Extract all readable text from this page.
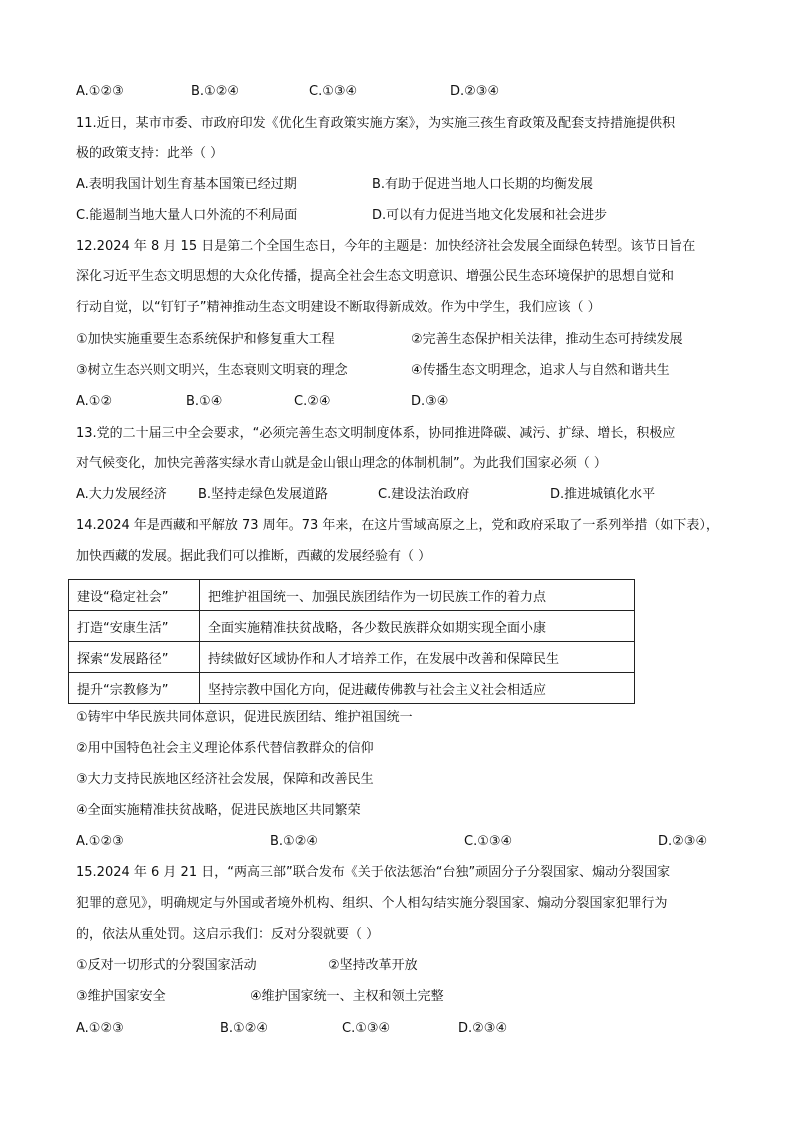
A.①②③	B.①②④	C.①③④	D.②③④
11.近日，某市市委、市政府印发《优化生育政策实施方案》，为实施三孩生育政策及配套支持措施提供积
极的政策支持：此举（ ）
A.表明我国计划生育基本国策已经过期	B.有助于促进当地人口长期的均衡发展
C.能遏制当地大量人口外流的不利局面	D.可以有力促进当地文化发展和社会进步
12.2024 年 8 月 15 日是第二个全国生态日，今年的主题是：加快经济社会发展全面绿色转型。该节日旨在
深化习近平生态文明思想的大众化传播，提高全社会生态文明意识、增强公民生态环境保护的思想自觉和
行动自觉，以“钉钉子”精神推动生态文明建设不断取得新成效。作为中学生，我们应该（ ）
①加快实施重要生态系统保护和修复重大工程	②完善生态保护相关法律，推动生态可持续发展
③树立生态兴则文明兴，生态衰则文明衰的理念	④传播生态文明理念，追求人与自然和谐共生
A.①②	B.①④	C.②④	D.③④
13.党的二十届三中全会要求，“必须完善生态文明制度体系，协同推进降碳、减污、扩绿、增长，积极应
对气候变化，加快完善落实绿水青山就是金山银山理念的体制机制”。为此我们国家必须（ ）
A.大力发展经济 B.坚持走绿色发展道路	C.建设法治政府	D.推进城镇化水平
14.2024 年是西藏和平解放 73 周年。73 年来，在这片雪域高原之上，党和政府采取了一系列举措（如下表），
加快西藏的发展。据此我们可以推断，西藏的发展经验有（ ）
建设“稳定社会”	把维护祖国统一、加强民族团结作为一切民族工作的着力点
打造“安康生活”	全面实施精准扶贫战略，各少数民族群众如期实现全面小康
探索“发展路径”	持续做好区域协作和人才培养工作，在发展中改善和保障民生
提升“宗教修为”	坚持宗教中国化方向，促进藏传佛教与社会主义社会相适应
①铸牢中华民族共同体意识，促进民族团结、维护祖国统一
②用中国特色社会主义理论体系代替信教群众的信仰
③大力支持民族地区经济社会发展，保障和改善民生
④全面实施精准扶贫战略，促进民族地区共同繁荣
A.①②③	B.①②④	C.①③④	D.②③④
15.2024 年 6 月 21 日，“两高三部”联合发布《关于依法惩治“台独”顽固分子分裂国家、煽动分裂国家
犯罪的意见》，明确规定与外国或者境外机构、组织、个人相勾结实施分裂国家、煽动分裂国家犯罪行为
的，依法从重处罚。这启示我们：反对分裂就要（ ）
①反对一切形式的分裂国家活动	②坚持改革开放
③维护国家安全	④维护国家统一、主权和领土完整
A.①②③	B.①②④	C.①③④	D.②③④
